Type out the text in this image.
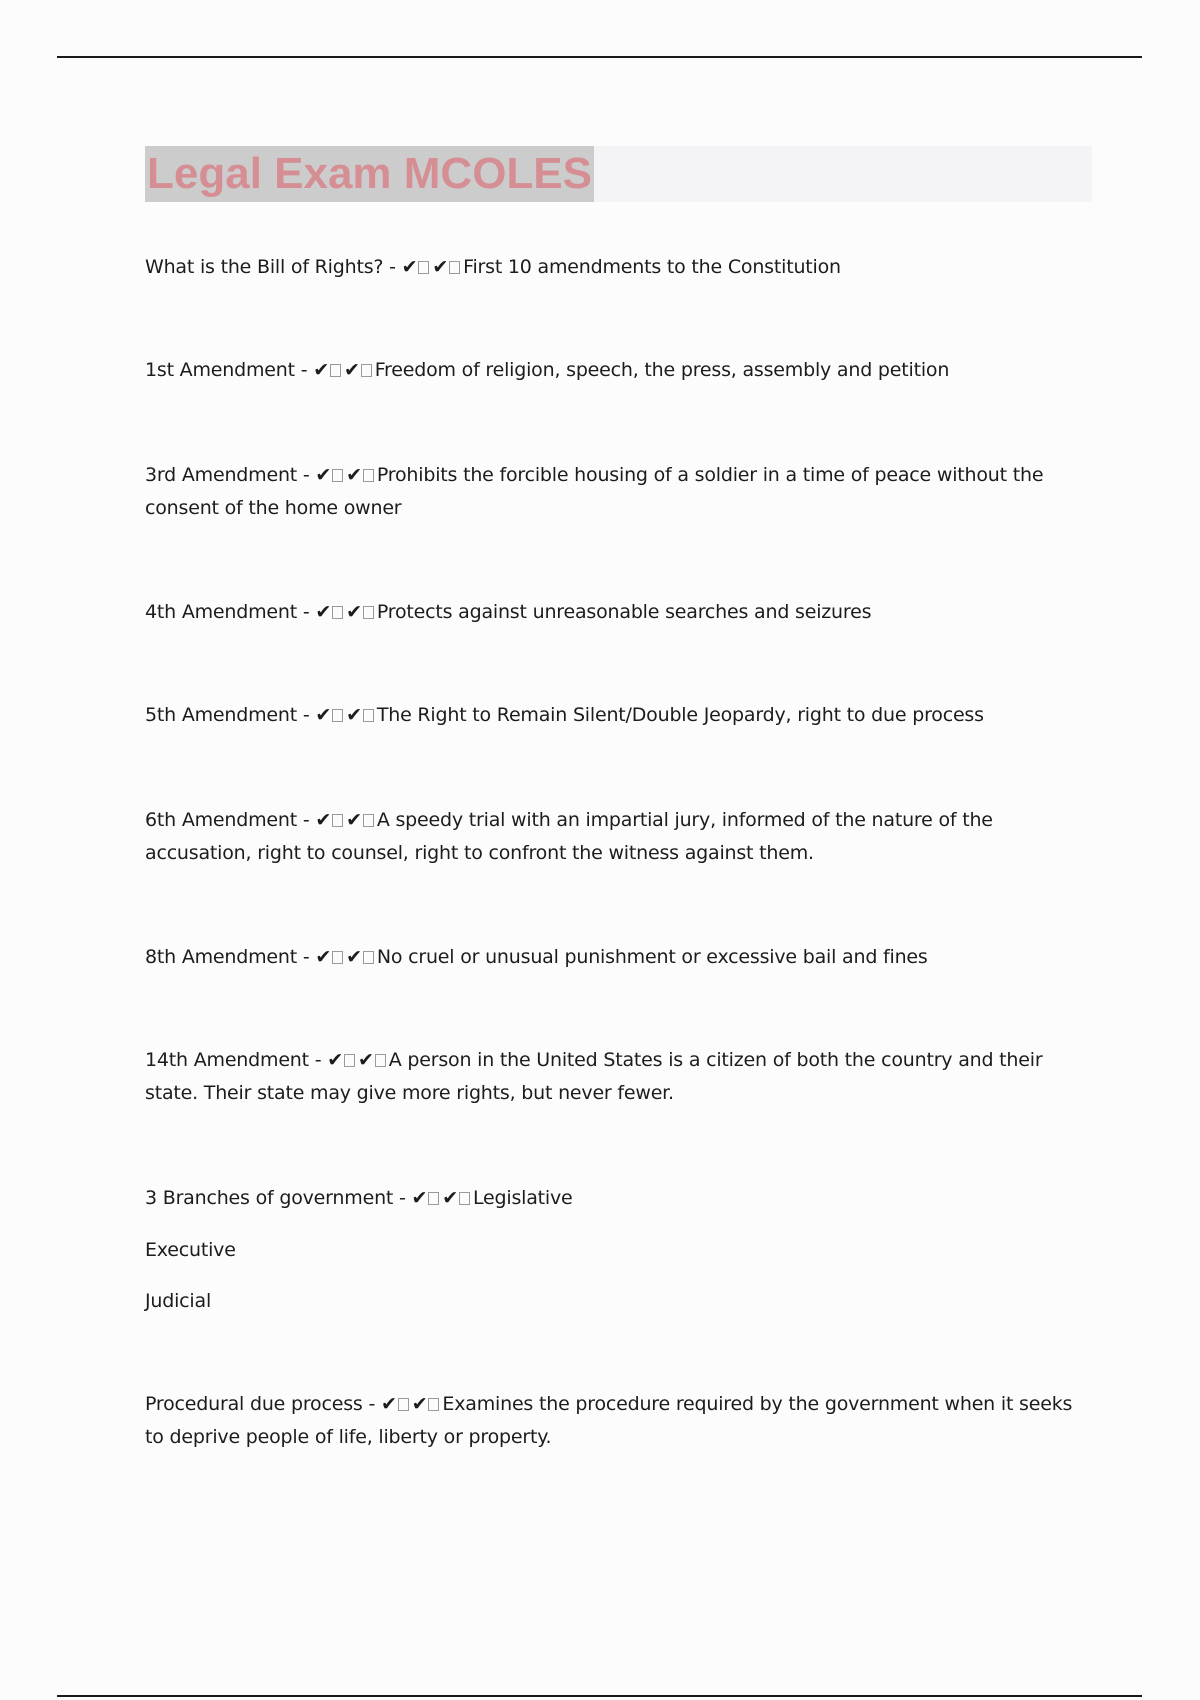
Legal Exam MCOLES
What is the Bill of Rights? - ✔ ✔ First 10 amendments to the Constitution
1st Amendment - ✔ ✔ Freedom of religion, speech, the press, assembly and petition
3rd Amendment - ✔ ✔ Prohibits the forcible housing of a soldier in a time of peace without the consent of the home owner
4th Amendment - ✔ ✔ Protects against unreasonable searches and seizures
5th Amendment - ✔ ✔ The Right to Remain Silent/Double Jeopardy, right to due process
6th Amendment - ✔ ✔ A speedy trial with an impartial jury, informed of the nature of the accusation, right to counsel, right to confront the witness against them.
8th Amendment - ✔ ✔ No cruel or unusual punishment or excessive bail and fines
14th Amendment - ✔ ✔ A person in the United States is a citizen of both the country and their state. Their state may give more rights, but never fewer.
3 Branches of government - ✔ ✔ Legislative
Executive
Judicial
Procedural due process - ✔ ✔ Examines the procedure required by the government when it seeks to deprive people of life, liberty or property.
